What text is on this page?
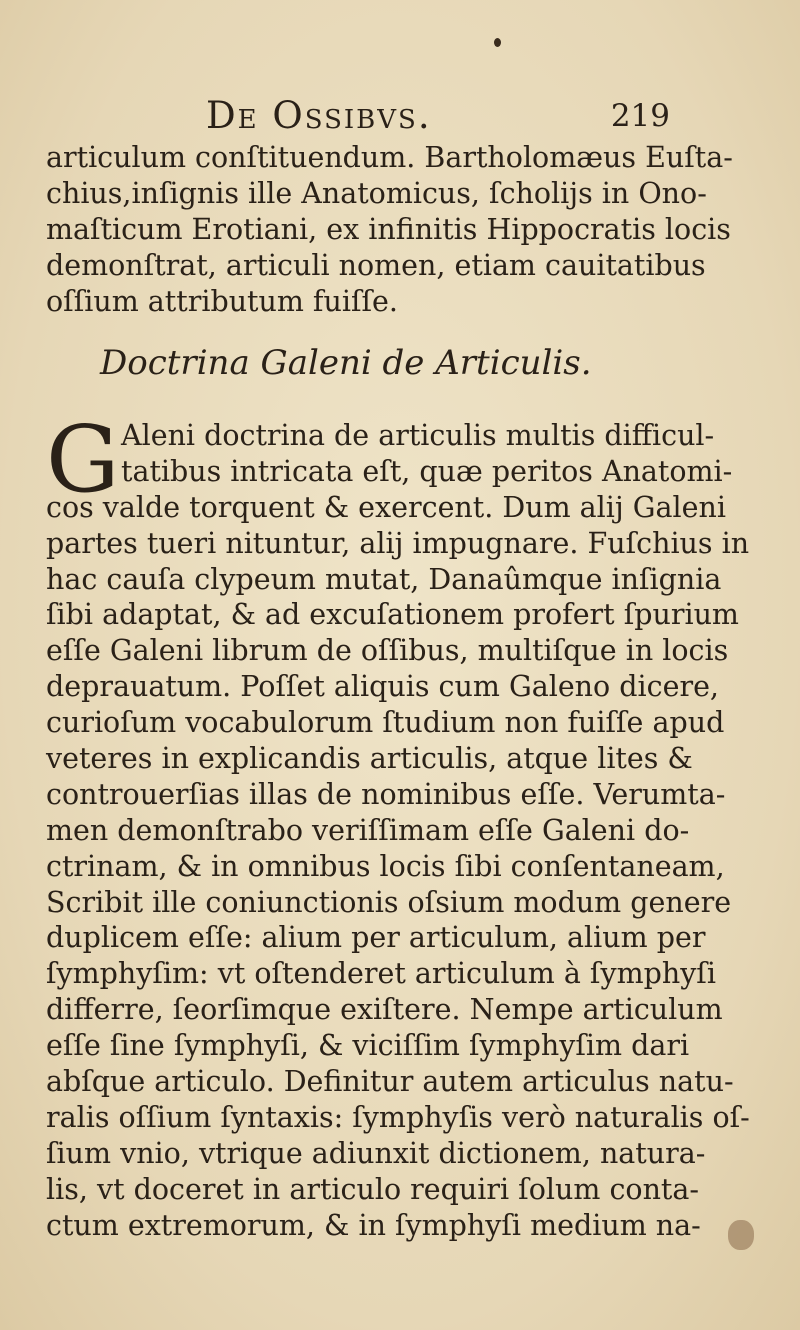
De Ossibvs.	219
articulum conſtituendum. Bartholomæus Euſta-
chius,inſignis ille Anatomicus, ſcholijs in Ono-
maſticum Erotiani, ex infinitis Hippocratis locis
demonſtrat, articuli nomen, etiam cauitatibus
oſſium attributum fuiſſe.
Doctrina Galeni de Articulis.
G Aleni doctrina de articulis multis difficul-
tatibus intricata eſt, quæ peritos Anatomi-
cos valde torquent & exercent. Dum alij Galeni
partes tueri nituntur, alij impugnare. Fuſchius in
hac cauſa clypeum mutat, Danaûmque inſignia
ſibi adaptat, & ad excuſationem profert ſpurium
eſſe Galeni librum de oſſibus, multiſque in locis
deprauatum. Poſſet aliquis cum Galeno dicere,
curioſum vocabulorum ſtudium non fuiſſe apud
veteres in explicandis articulis, atque lites &
controuerſias illas de nominibus eſſe. Verumta-
men demonſtrabo veriſſimam eſſe Galeni do-
ctrinam, & in omnibus locis ſibi conſentaneam,
Scribit ille coniunctionis oſsium modum genere
duplicem eſſe: alium per articulum, alium per
ſymphyſim: vt oſtenderet articulum à ſymphyſi
differre, ſeorſimque exiſtere. Nempe articulum
eſſe ſine ſymphyſi, & viciſſim ſymphyſim dari
abſque articulo. Definitur autem articulus natu-
ralis oſſium ſyntaxis: ſymphyſis verò naturalis oſ-
ſium vnio, vtrique adiunxit dictionem, natura-
lis, vt doceret in articulo requiri ſolum conta-
ctum extremorum, & in ſymphyſi medium na-
